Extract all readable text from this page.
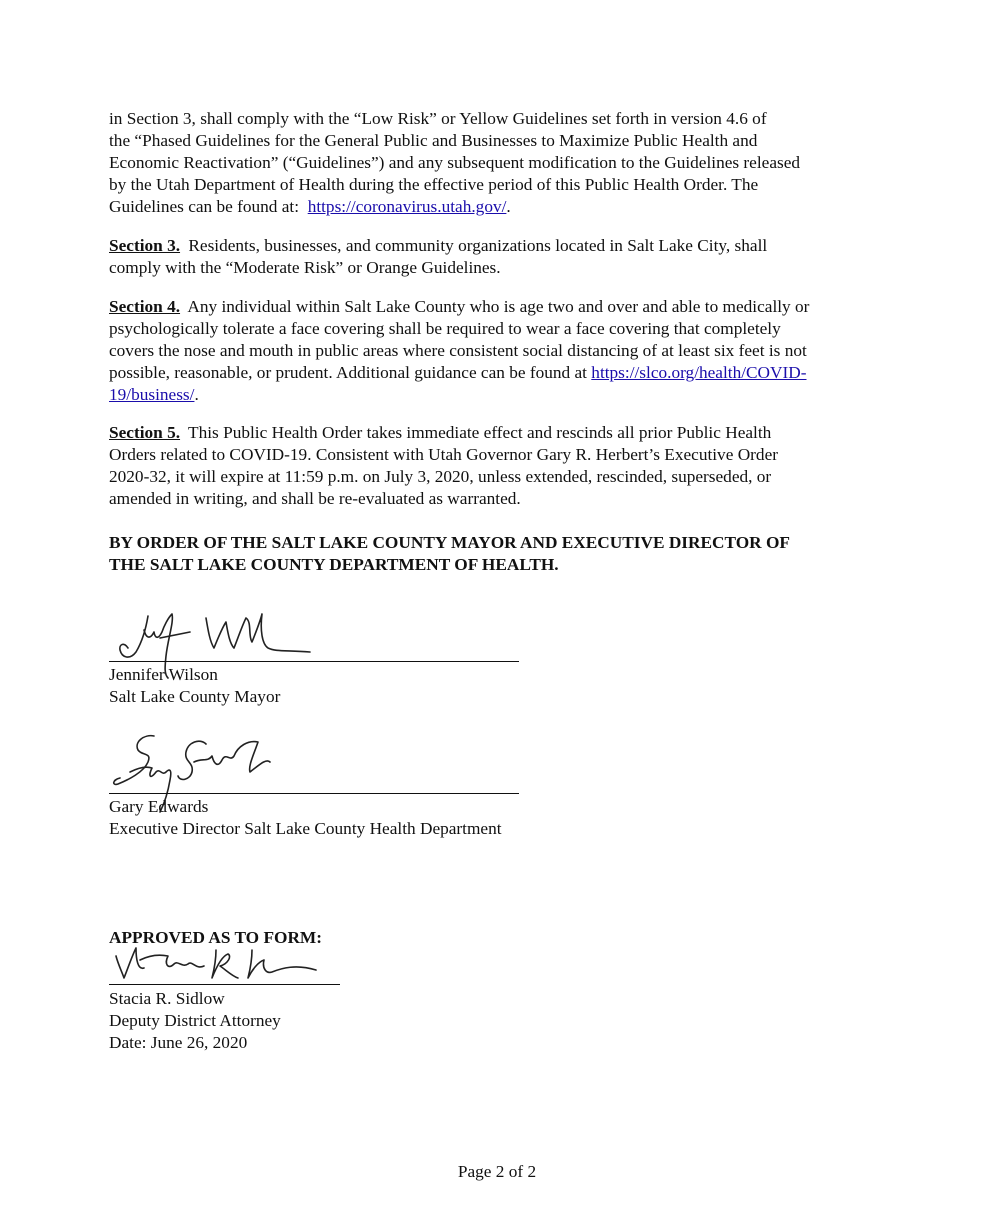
in Section 3, shall comply with the “Low Risk” or Yellow Guidelines set forth in version 4.6 of
the “Phased Guidelines for the General Public and Businesses to Maximize Public Health and
Economic Reactivation” (“Guidelines”) and any subsequent modification to the Guidelines released
by the Utah Department of Health during the effective period of this Public Health Order. The
Guidelines can be found at:  https://coronavirus.utah.gov/.
Section 3. Residents, businesses, and community organizations located in Salt Lake City, shall
comply with the “Moderate Risk” or Orange Guidelines.
Section 4. Any individual within Salt Lake County who is age two and over and able to medically or
psychologically tolerate a face covering shall be required to wear a face covering that completely
covers the nose and mouth in public areas where consistent social distancing of at least six feet is not
possible, reasonable, or prudent. Additional guidance can be found at https://slco.org/health/COVID-
19/business/.
Section 5. This Public Health Order takes immediate effect and rescinds all prior Public Health
Orders related to COVID-19. Consistent with Utah Governor Gary R. Herbert’s Executive Order
2020-32, it will expire at 11:59 p.m. on July 3, 2020, unless extended, rescinded, superseded, or
amended in writing, and shall be re-evaluated as warranted.
BY ORDER OF THE SALT LAKE COUNTY MAYOR AND EXECUTIVE DIRECTOR OF
THE SALT LAKE COUNTY DEPARTMENT OF HEALTH.
Jennifer Wilson
Salt Lake County Mayor
Gary Edwards
Executive Director Salt Lake County Health Department
APPROVED AS TO FORM:
Stacia R. Sidlow
Deputy District Attorney
Date: June 26, 2020
Page 2 of 2
